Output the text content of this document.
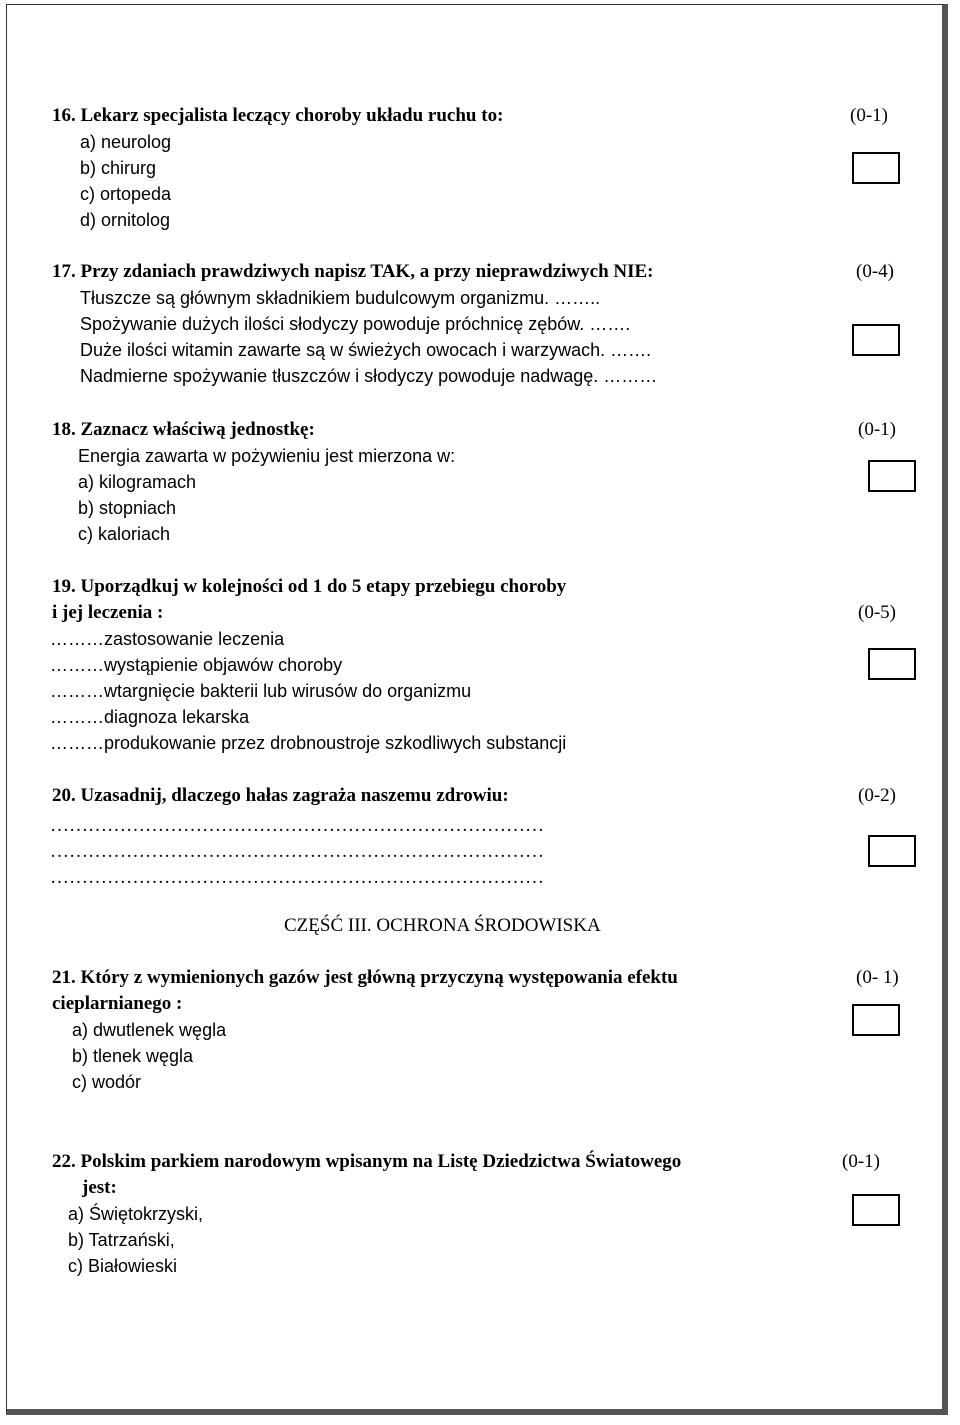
16. Lekarz specjalista leczący choroby układu ruchu to:	(0-1)
a) neurolog
b) chirurg
c) ortopeda
d) ornitolog
17. Przy zdaniach prawdziwych napisz TAK, a przy nieprawdziwych NIE:	(0-4)
Tłuszcze są głównym składnikiem budulcowym organizmu. ……..
Spożywanie dużych ilości słodyczy powoduje próchnicę zębów. …….
Duże ilości witamin zawarte są w świeżych owocach i warzywach. …….
Nadmierne spożywanie tłuszczów i słodyczy powoduje nadwagę. ………
18. Zaznacz właściwą jednostkę:	(0-1)
Energia zawarta w pożywieniu jest mierzona w:
a) kilogramach
b) stopniach
c) kaloriach
19. Uporządkuj w kolejności od 1 do 5 etapy przebiegu choroby
i jej leczenia :	(0-5)
………zastosowanie leczenia
………wystąpienie objawów choroby
………wtargnięcie bakterii lub wirusów do organizmu
………diagnoza lekarska
………produkowanie przez drobnoustroje szkodliwych substancji
20. Uzasadnij, dlaczego hałas zagraża naszemu zdrowiu:	(0-2)
……………………………………………………………………
……………………………………………………………………
……………………………………………………………………
CZĘŚĆ III. OCHRONA ŚRODOWISKA
21. Który z wymienionych gazów jest główną przyczyną występowania efektu
cieplarnianego :
(0- 1)
a) dwutlenek węgla
b) tlenek węgla
c) wodór
22. Polskim parkiem narodowym wpisanym na Listę Dziedzictwa Światowego
jest:
(0-1)
a) Świętokrzyski,
b) Tatrzański,
c) Białowieski
